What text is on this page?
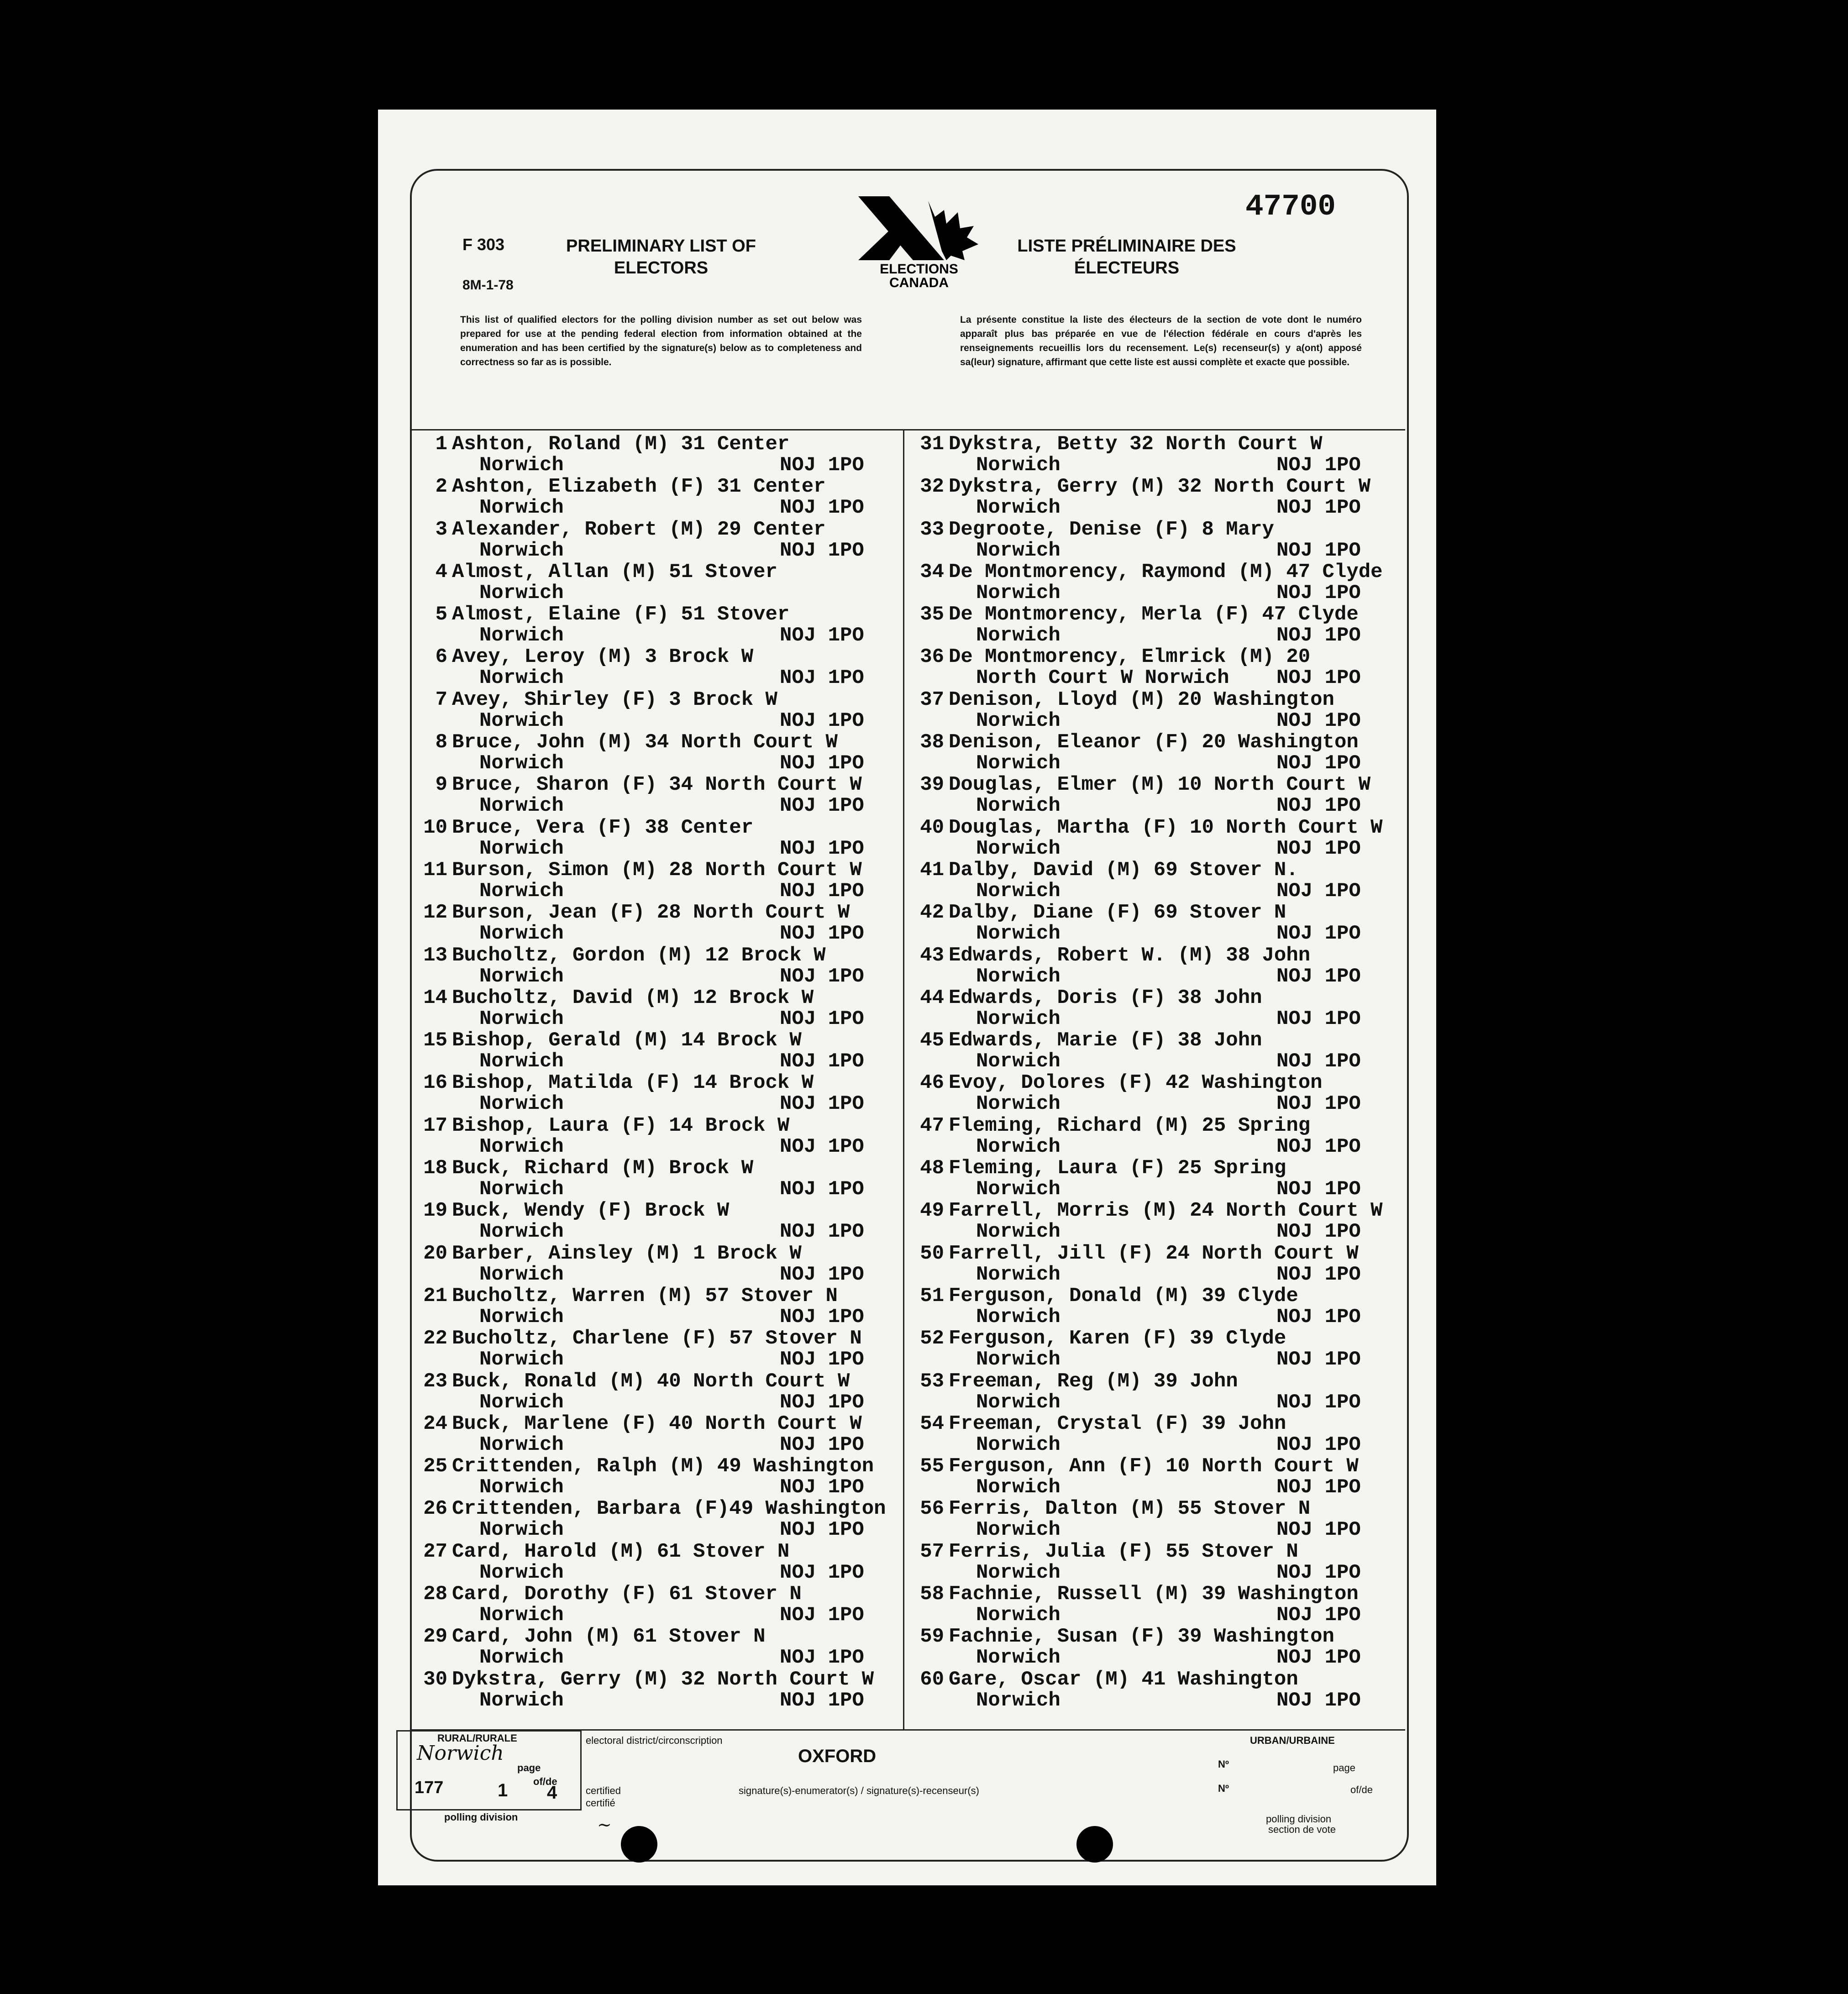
F 303
8M-1-78
PRELIMINARY LIST OF
ELECTORS	ELECTIONS
CANADA
LISTE PRÉLIMINAIRE DES
ÉLECTEURS
47700
This list of qualified electors for the polling division number as set out below was prepared for use at the pending federal election from information obtained at the enumeration and has been certified by the signature(s) below as to completeness and correctness so far as is possible.
La présente constitue la liste des électeurs de la section de vote dont le numéro apparaît plus bas préparée en vue de l'élection fédérale en cours d'après les renseignements recueillis lors du recensement. Le(s) recenseur(s) y a(ont) apposé sa(leur) signature, affirmant que cette liste est aussi complète et exacte que possible.
1 Ashton, Roland (M) 31 Center
Norwich	NOJ 1PO
2 Ashton, Elizabeth (F) 31 Center
Norwich	NOJ 1PO
3 Alexander, Robert (M) 29 Center
Norwich	NOJ 1PO
4 Almost, Allan (M) 51 Stover
Norwich
5 Almost, Elaine (F) 51 Stover
Norwich	NOJ 1PO
6 Avey, Leroy (M) 3 Brock W
Norwich	NOJ 1PO
7 Avey, Shirley (F) 3 Brock W
Norwich	NOJ 1PO
8 Bruce, John (M) 34 North Court W
Norwich	NOJ 1PO
9 Bruce, Sharon (F) 34 North Court W
Norwich	NOJ 1PO
10 Bruce, Vera (F) 38 Center
Norwich	NOJ 1PO
11 Burson, Simon (M) 28 North Court W
Norwich	NOJ 1PO
12 Burson, Jean (F) 28 North Court W
Norwich	NOJ 1PO
13 Bucholtz, Gordon (M) 12 Brock W
Norwich	NOJ 1PO
14 Bucholtz, David (M) 12 Brock W
Norwich	NOJ 1PO
15 Bishop, Gerald (M) 14 Brock W
Norwich	NOJ 1PO
16 Bishop, Matilda (F) 14 Brock W
Norwich	NOJ 1PO
17 Bishop, Laura (F) 14 Brock W
Norwich	NOJ 1PO
18 Buck, Richard (M) Brock W
Norwich	NOJ 1PO
19 Buck, Wendy (F) Brock W
Norwich	NOJ 1PO
20 Barber, Ainsley (M) 1 Brock W
Norwich	NOJ 1PO
21 Bucholtz, Warren (M) 57 Stover N
Norwich	NOJ 1PO
22 Bucholtz, Charlene (F) 57 Stover N
Norwich	NOJ 1PO
23 Buck, Ronald (M) 40 North Court W
Norwich	NOJ 1PO
24 Buck, Marlene (F) 40 North Court W
Norwich	NOJ 1PO
25 Crittenden, Ralph (M) 49 Washington
Norwich	NOJ 1PO
26 Crittenden, Barbara (F)49 Washington
Norwich	NOJ 1PO
27 Card, Harold (M) 61 Stover N
Norwich	NOJ 1PO
28 Card, Dorothy (F) 61 Stover N
Norwich	NOJ 1PO
29 Card, John (M) 61 Stover N
Norwich	NOJ 1PO
30 Dykstra, Gerry (M) 32 North Court W
Norwich	NOJ 1PO
31 Dykstra, Betty 32 North Court W
Norwich	NOJ 1PO
32 Dykstra, Gerry (M) 32 North Court W
Norwich	NOJ 1PO
33 Degroote, Denise (F) 8 Mary
Norwich	NOJ 1PO
34 De Montmorency, Raymond (M) 47 Clyde
Norwich	NOJ 1PO
35 De Montmorency, Merla (F) 47 Clyde
Norwich	NOJ 1PO
36 De Montmorency, Elmrick (M) 20
North Court W Norwich NOJ 1PO
37 Denison, Lloyd (M) 20 Washington
Norwich	NOJ 1PO
38 Denison, Eleanor (F) 20 Washington
Norwich	NOJ 1PO
39 Douglas, Elmer (M) 10 North Court W
Norwich	NOJ 1PO
40 Douglas, Martha (F) 10 North Court W
Norwich	NOJ 1PO
41 Dalby, David (M) 69 Stover N.
Norwich	NOJ 1PO
42 Dalby, Diane (F) 69 Stover N
Norwich	NOJ 1PO
43 Edwards, Robert W. (M) 38 John
Norwich	NOJ 1PO
44 Edwards, Doris (F) 38 John
Norwich	NOJ 1PO
45 Edwards, Marie (F) 38 John
Norwich	NOJ 1PO
46 Evoy, Dolores (F) 42 Washington
Norwich	NOJ 1PO
47 Fleming, Richard (M) 25 Spring
Norwich	NOJ 1PO
48 Fleming, Laura (F) 25 Spring
Norwich	NOJ 1PO
49 Farrell, Morris (M) 24 North Court W
Norwich	NOJ 1PO
50 Farrell, Jill (F) 24 North Court W
Norwich	NOJ 1PO
51 Ferguson, Donald (M) 39 Clyde
Norwich	NOJ 1PO
52 Ferguson, Karen (F) 39 Clyde
Norwich	NOJ 1PO
53 Freeman, Reg (M) 39 John
Norwich	NOJ 1PO
54 Freeman, Crystal (F) 39 John
Norwich	NOJ 1PO
55 Ferguson, Ann (F) 10 North Court W
Norwich	NOJ 1PO
56 Ferris, Dalton (M) 55 Stover N
Norwich	NOJ 1PO
57 Ferris, Julia (F) 55 Stover N
Norwich	NOJ 1PO
58 Fachnie, Russell (M) 39 Washington
Norwich	NOJ 1PO
59 Fachnie, Susan (F) 39 Washington
Norwich	NOJ 1PO
60 Gare, Oscar (M) 41 Washington
Norwich	NOJ 1PO
RURAL/RURALE
Norwich
page
177	1	of/de
4
polling division
electoral district/circonscription
OXFORD
certified
certifié
signature(s)-enumerator(s) / signature(s)-recenseur(s)
~
URBAN/URBAINE
Nº	page
Nº	of/de
polling division
section de vote
